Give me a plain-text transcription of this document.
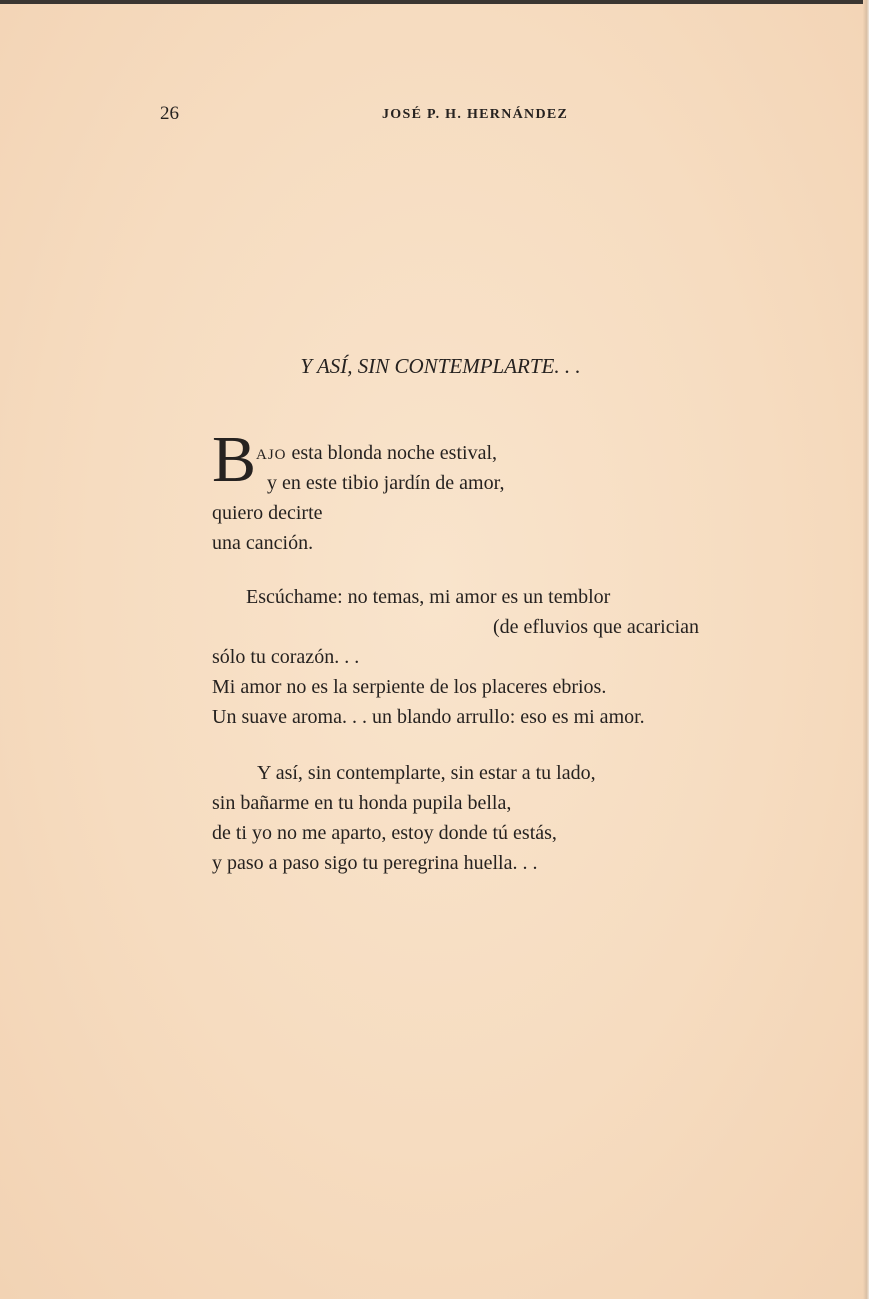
26	JOSÉ P. H. HERNÁNDEZ
Y ASÍ, SIN CONTEMPLARTE. . .
B AJO esta blonda noche estival,
y en este tibio jardín de amor,
quiero decirte
una canción.
Escúchame: no temas, mi amor es un temblor
(de efluvios que acarician
sólo tu corazón. . .
Mi amor no es la serpiente de los placeres ebrios.
Un suave aroma. . . un blando arrullo: eso es mi amor.
Y así, sin contemplarte, sin estar a tu lado,
sin bañarme en tu honda pupila bella,
de ti yo no me aparto, estoy donde tú estás,
y paso a paso sigo tu peregrina huella. . .
